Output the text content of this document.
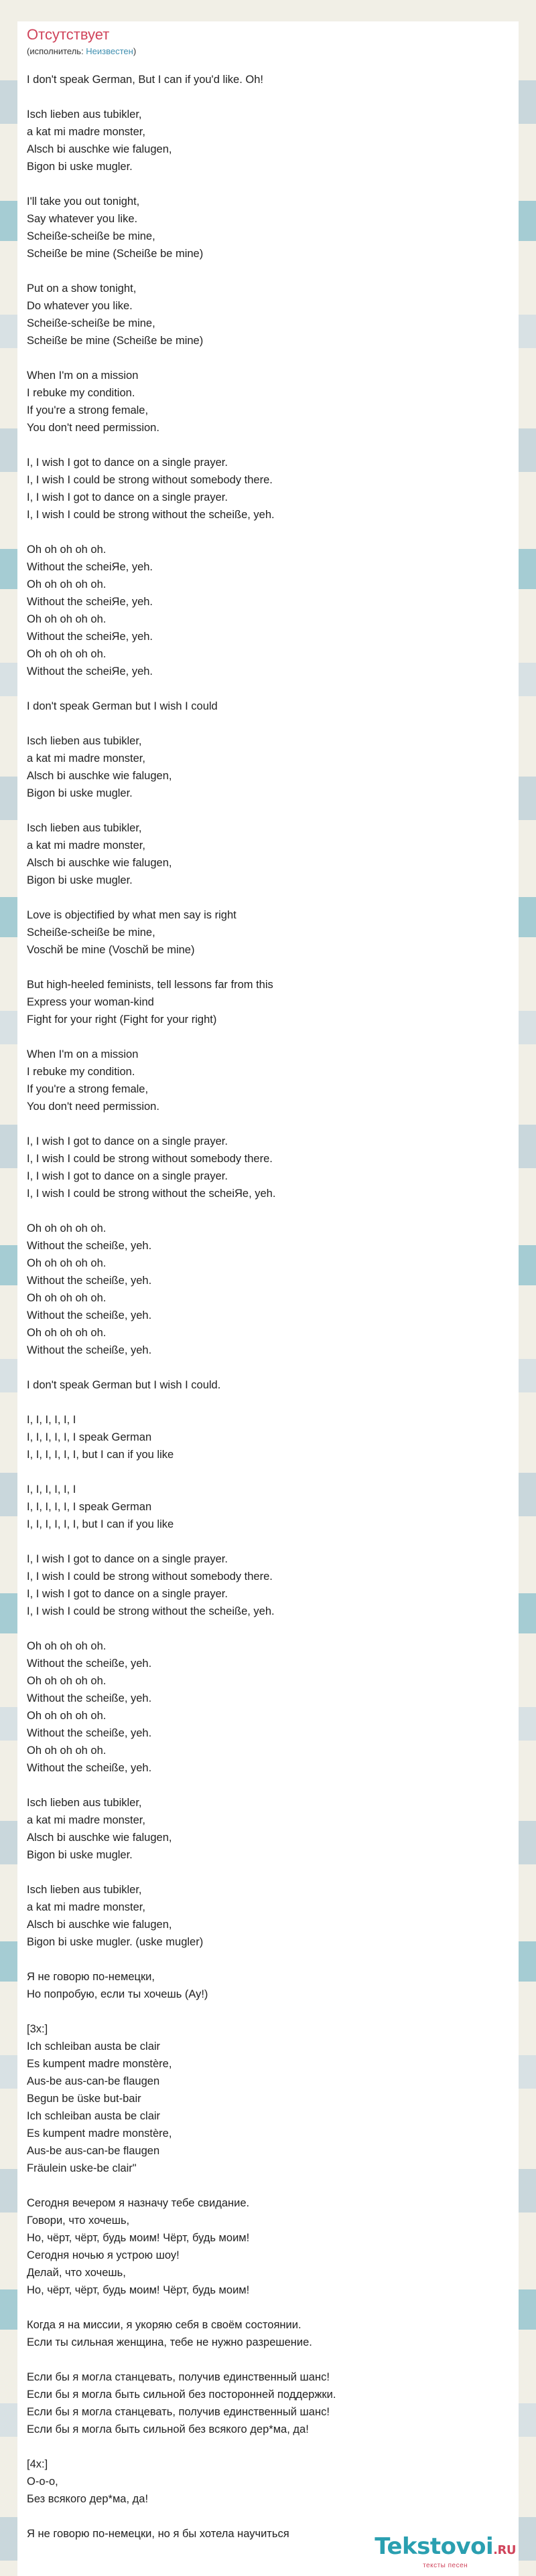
Отсутствует

(исполнитель: Неизвестен)

I don't speak German, But I can if you'd like. Oh!
Isch lieben aus tubikler,
a kat mi madre monster,
Alsch bi auschke wie falugen,
Bigon bi uske mugler.
I'll take you out tonight,
Say whatever you like.
Scheiße-scheiße be mine,
Scheiße be mine (Scheiße be mine)
Put on a show tonight,
Do whatever you like.
Scheiße-scheiße be mine,
Scheiße be mine (Scheiße be mine)
When I'm on a mission
I rebuke my condition.
If you're a strong female,
You don't need permission.
I, I wish I got to dance on a single prayer.
I, I wish I could be strong without somebody there.
I, I wish I got to dance on a single prayer.
I, I wish I could be strong without the scheiße, yeh.
Oh oh oh oh oh.
Without the scheiЯe, yeh.
Oh oh oh oh oh.
Without the scheiЯe, yeh.
Oh oh oh oh oh.
Without the scheiЯe, yeh.
Oh oh oh oh oh.
Without the scheiЯe, yeh.
I don't speak German but I wish I could
Isch lieben aus tubikler,
a kat mi madre monster,
Alsch bi auschke wie falugen,
Bigon bi uske mugler.
Isch lieben aus tubikler,
a kat mi madre monster,
Alsch bi auschke wie falugen,
Bigon bi uske mugler.
Love is objectified by what men say is right
Scheiße-scheiße be mine,
Voschй be mine (Voschй be mine)
But high-heeled feminists, tell lessons far from this
Express your woman-kind
Fight for your right (Fight for your right)
When I'm on a mission
I rebuke my condition.
If you're a strong female,
You don't need permission.
I, I wish I got to dance on a single prayer.
I, I wish I could be strong without somebody there.
I, I wish I got to dance on a single prayer.
I, I wish I could be strong without the scheiЯe, yeh.
Oh oh oh oh oh.
Without the scheiße, yeh.
Oh oh oh oh oh.
Without the scheiße, yeh.
Oh oh oh oh oh.
Without the scheiße, yeh.
Oh oh oh oh oh.
Without the scheiße, yeh.
I don't speak German but I wish I could.
I, I, I, I, I, I
I, I, I, I, I, I speak German
I, I, I, I, I, I, but I can if you like
I, I, I, I, I, I
I, I, I, I, I, I speak German
I, I, I, I, I, I, but I can if you like
I, I wish I got to dance on a single prayer.
I, I wish I could be strong without somebody there.
I, I wish I got to dance on a single prayer.
I, I wish I could be strong without the scheiße, yeh.
Oh oh oh oh oh.
Without the scheiße, yeh.
Oh oh oh oh oh.
Without the scheiße, yeh.
Oh oh oh oh oh.
Without the scheiße, yeh.
Oh oh oh oh oh.
Without the scheiße, yeh.
Isch lieben aus tubikler,
a kat mi madre monster,
Alsch bi auschke wie falugen,
Bigon bi uske mugler.
Isch lieben aus tubikler,
a kat mi madre monster,
Alsch bi auschke wie falugen,
Bigon bi uske mugler. (uske mugler)
Я не говорю по-немецки,
Но попробую, если ты хочешь (Ay!)
[3x:]
Ich schleiban austa be clair
Es kumpent madre monstère,
Aus-be aus-can-be flaugen
Begun be üske but-bair
Ich schleiban austa be clair
Es kumpent madre monstère,
Aus-be aus-can-be flaugen
Fräulein uske-be clair"
Сегодня вечером я назначу тебе свидание.
Говори, что хочешь,
Но, чёрт, чёрт, будь моим! Чёрт, будь моим!
Сегодня ночью я устрою шоу!
Делай, что хочешь,
Но, чёрт, чёрт, будь моим! Чёрт, будь моим!
Когда я на миссии, я укоряю себя в своём состоянии.
Если ты сильная женщина, тебе не нужно разрешение.
Если бы я могла станцевать, получив единственный шанс!
Если бы я могла быть сильной без посторонней поддержки.
Если бы я могла станцевать, получив единственный шанс!
Если бы я могла быть сильной без всякого дер*ма, да!
[4x:]
О-о-о,
Без всякого дер*ма, да!
Я не говорю по-немецки, но я бы хотела научиться	Tekstovoi.RU
тексты песен
